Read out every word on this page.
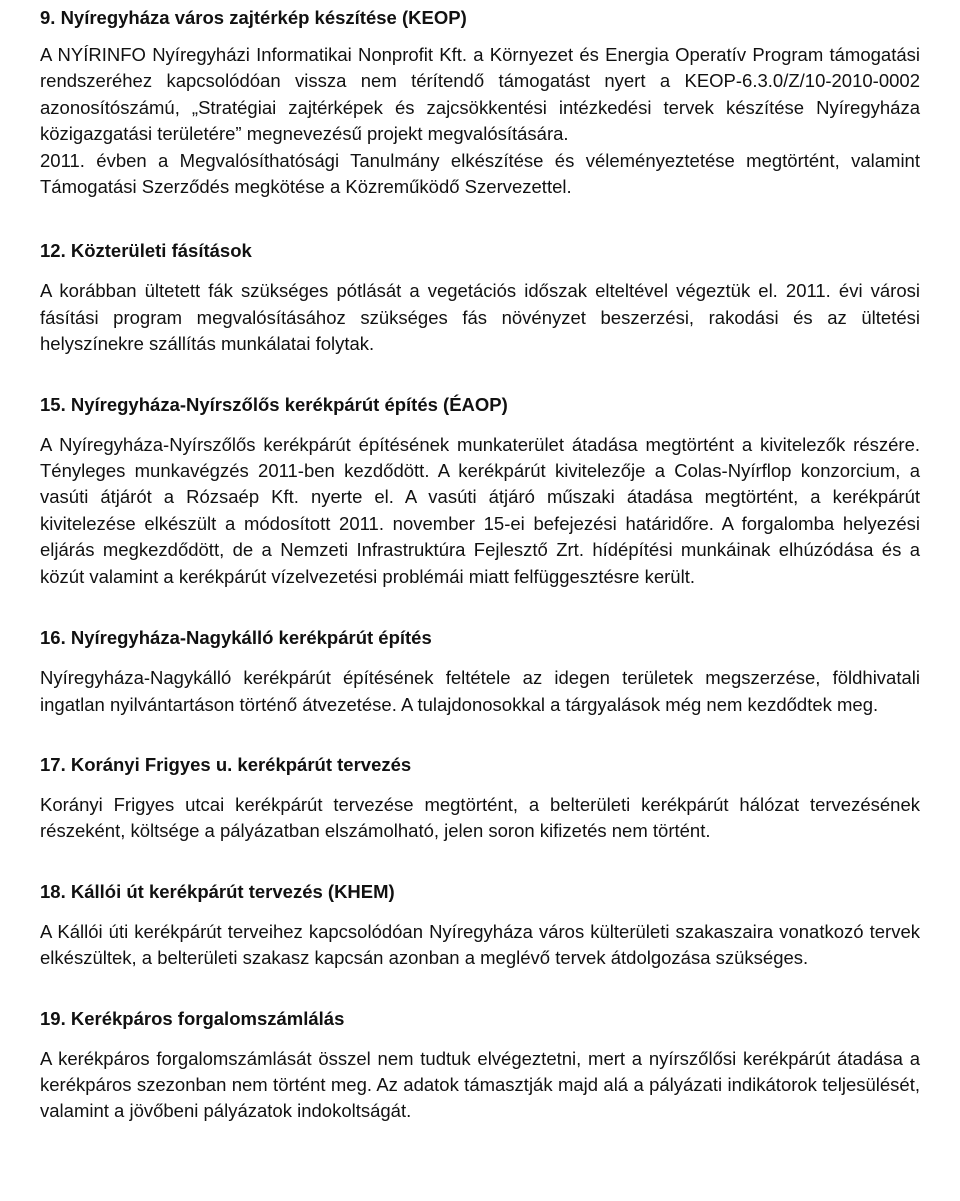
9. Nyíregyháza város zajtérkép készítése (KEOP)

A NYÍRINFO Nyíregyházi Informatikai Nonprofit Kft. a Környezet és Energia Operatív Program támogatási rendszeréhez kapcsolódóan vissza nem térítendő támogatást nyert a KEOP-6.3.0/Z/10-2010-0002 azonosítószámú, „Stratégiai zajtérképek és zajcsökkentési intézkedési tervek készítése Nyíregyháza közigazgatási területére” megnevezésű projekt megvalósítására.

2011. évben a Megvalósíthatósági Tanulmány elkészítése és véleményeztetése megtörtént, valamint Támogatási Szerződés megkötése a Közreműködő Szervezettel.

12. Közterületi fásítások

A korábban ültetett fák szükséges pótlását a vegetációs időszak elteltével végeztük el. 2011. évi városi fásítási program megvalósításához szükséges fás növényzet beszerzési, rakodási és az ültetési helyszínekre szállítás munkálatai folytak.

15. Nyíregyháza-Nyírszőlős kerékpárút építés (ÉAOP)

A Nyíregyháza-Nyírszőlős kerékpárút építésének munkaterület átadása megtörtént a kivitelezők részére. Tényleges munkavégzés 2011-ben kezdődött. A kerékpárút kivitelezője a Colas-Nyírflop konzorcium, a vasúti átjárót a Rózsaép Kft. nyerte el. A vasúti átjáró műszaki átadása megtörtént, a kerékpárút kivitelezése elkészült a módosított 2011. november 15-ei befejezési határidőre. A forgalomba helyezési eljárás megkezdődött, de a Nemzeti Infrastruktúra Fejlesztő Zrt. hídépítési munkáinak elhúzódása és a közút valamint a kerékpárút vízelvezetési problémái miatt felfüggesztésre került.

16. Nyíregyháza-Nagykálló kerékpárút építés

Nyíregyháza-Nagykálló kerékpárút építésének feltétele az idegen területek megszerzése, földhivatali ingatlan nyilvántartáson történő átvezetése. A tulajdonosokkal a tárgyalások még nem kezdődtek meg.

17. Korányi Frigyes u. kerékpárút tervezés

Korányi Frigyes utcai kerékpárút tervezése megtörtént, a belterületi kerékpárút hálózat tervezésének részeként, költsége a pályázatban elszámolható, jelen soron kifizetés nem történt.

18. Kállói út kerékpárút tervezés (KHEM)

A Kállói úti kerékpárút terveihez kapcsolódóan Nyíregyháza város külterületi szakaszaira vonatkozó tervek elkészültek, a belterületi szakasz kapcsán azonban a meglévő tervek átdolgozása szükséges.

19. Kerékpáros forgalomszámlálás

A kerékpáros forgalomszámlását összel nem tudtuk elvégeztetni, mert a nyírszőlősi kerékpárút átadása a kerékpáros szezonban nem történt meg. Az adatok támasztják majd alá a pályázati indikátorok teljesülését, valamint a jövőbeni pályázatok indokoltságát.
